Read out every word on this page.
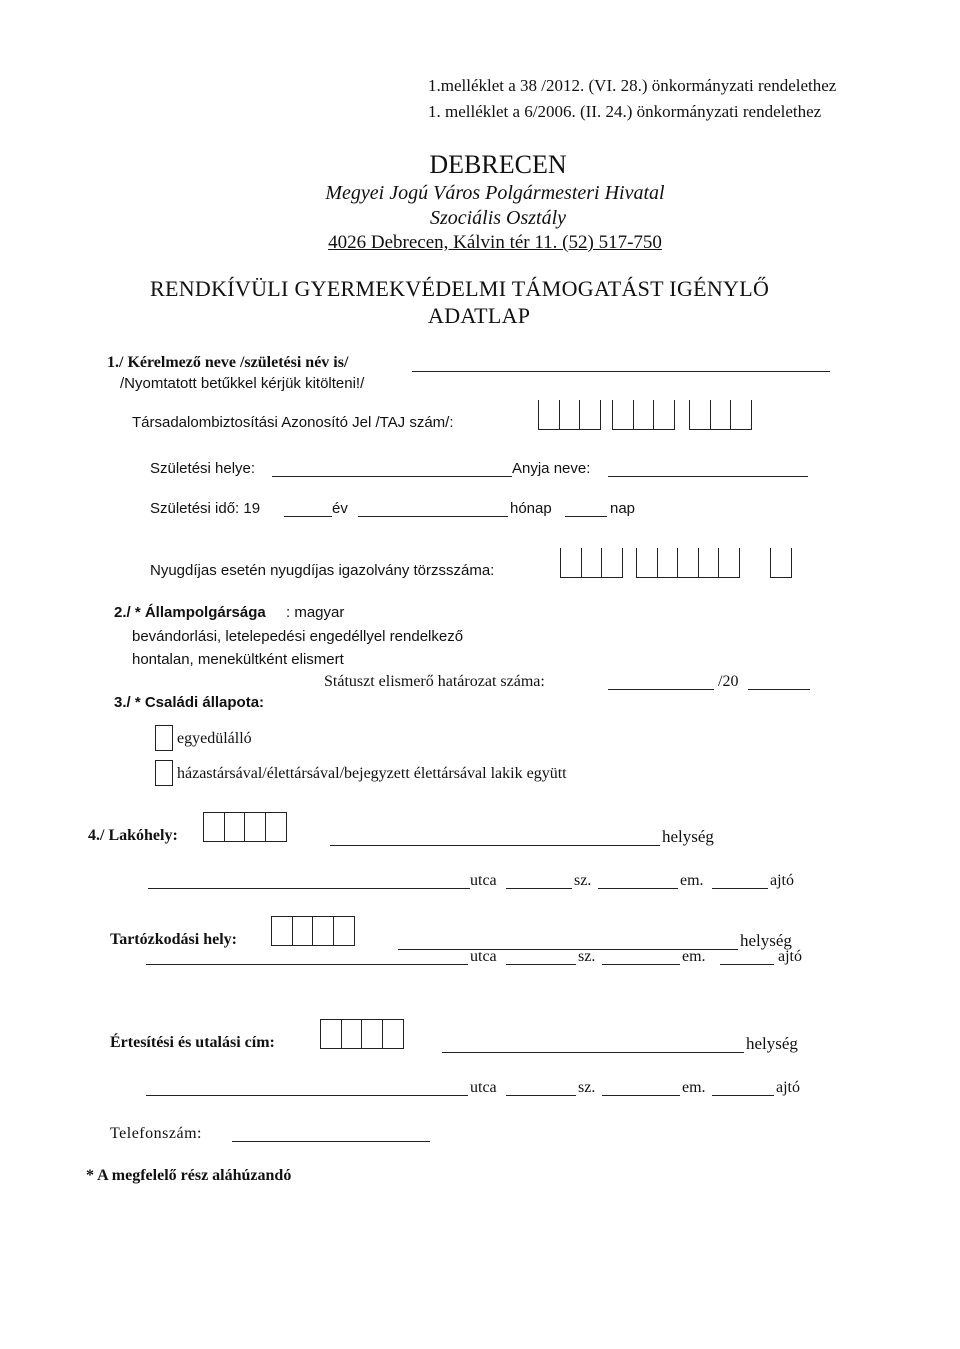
1.melléklet a 38 /2012. (VI. 28.) önkormányzati rendelethez
1. melléklet a 6/2006. (II. 24.) önkormányzati rendelethez
DEBRECEN
Megyei Jogú Város Polgármesteri Hivatal
Szociális Osztály
4026 Debrecen, Kálvin tér 11. (52) 517-750
RENDKÍVÜLI GYERMEKVÉDELMI TÁMOGATÁST IGÉNYLŐ
ADATLAP
1./ Kérelmező neve /születési név is/
/Nyomtatott betűkkel kérjük kitölteni!/
Társadalombiztosítási Azonosító Jel /TAJ szám/:
Születési helye:	Anyja neve:
Születési idő: 19	év	hónap	nap
Nyugdíjas esetén nyugdíjas igazolvány törzsszáma:
2./ * Állampolgársága : magyar
bevándorlási, letelepedési engedéllyel rendelkező
hontalan, menekültként elismert
Státuszt elismerő határozat száma:	/20
3./ * Családi állapota:
egyedülálló
házastársával/élettársával/bejegyzett élettársával lakik együtt
4./ Lakóhely:	helység
utca	sz.	em.	ajtó
Tartózkodási hely:	helység
utca	sz.	em.	ajtó
Értesítési és utalási cím:	helység
utca	sz.	em.	ajtó
Telefonszám:
* A megfelelő rész aláhúzandó
